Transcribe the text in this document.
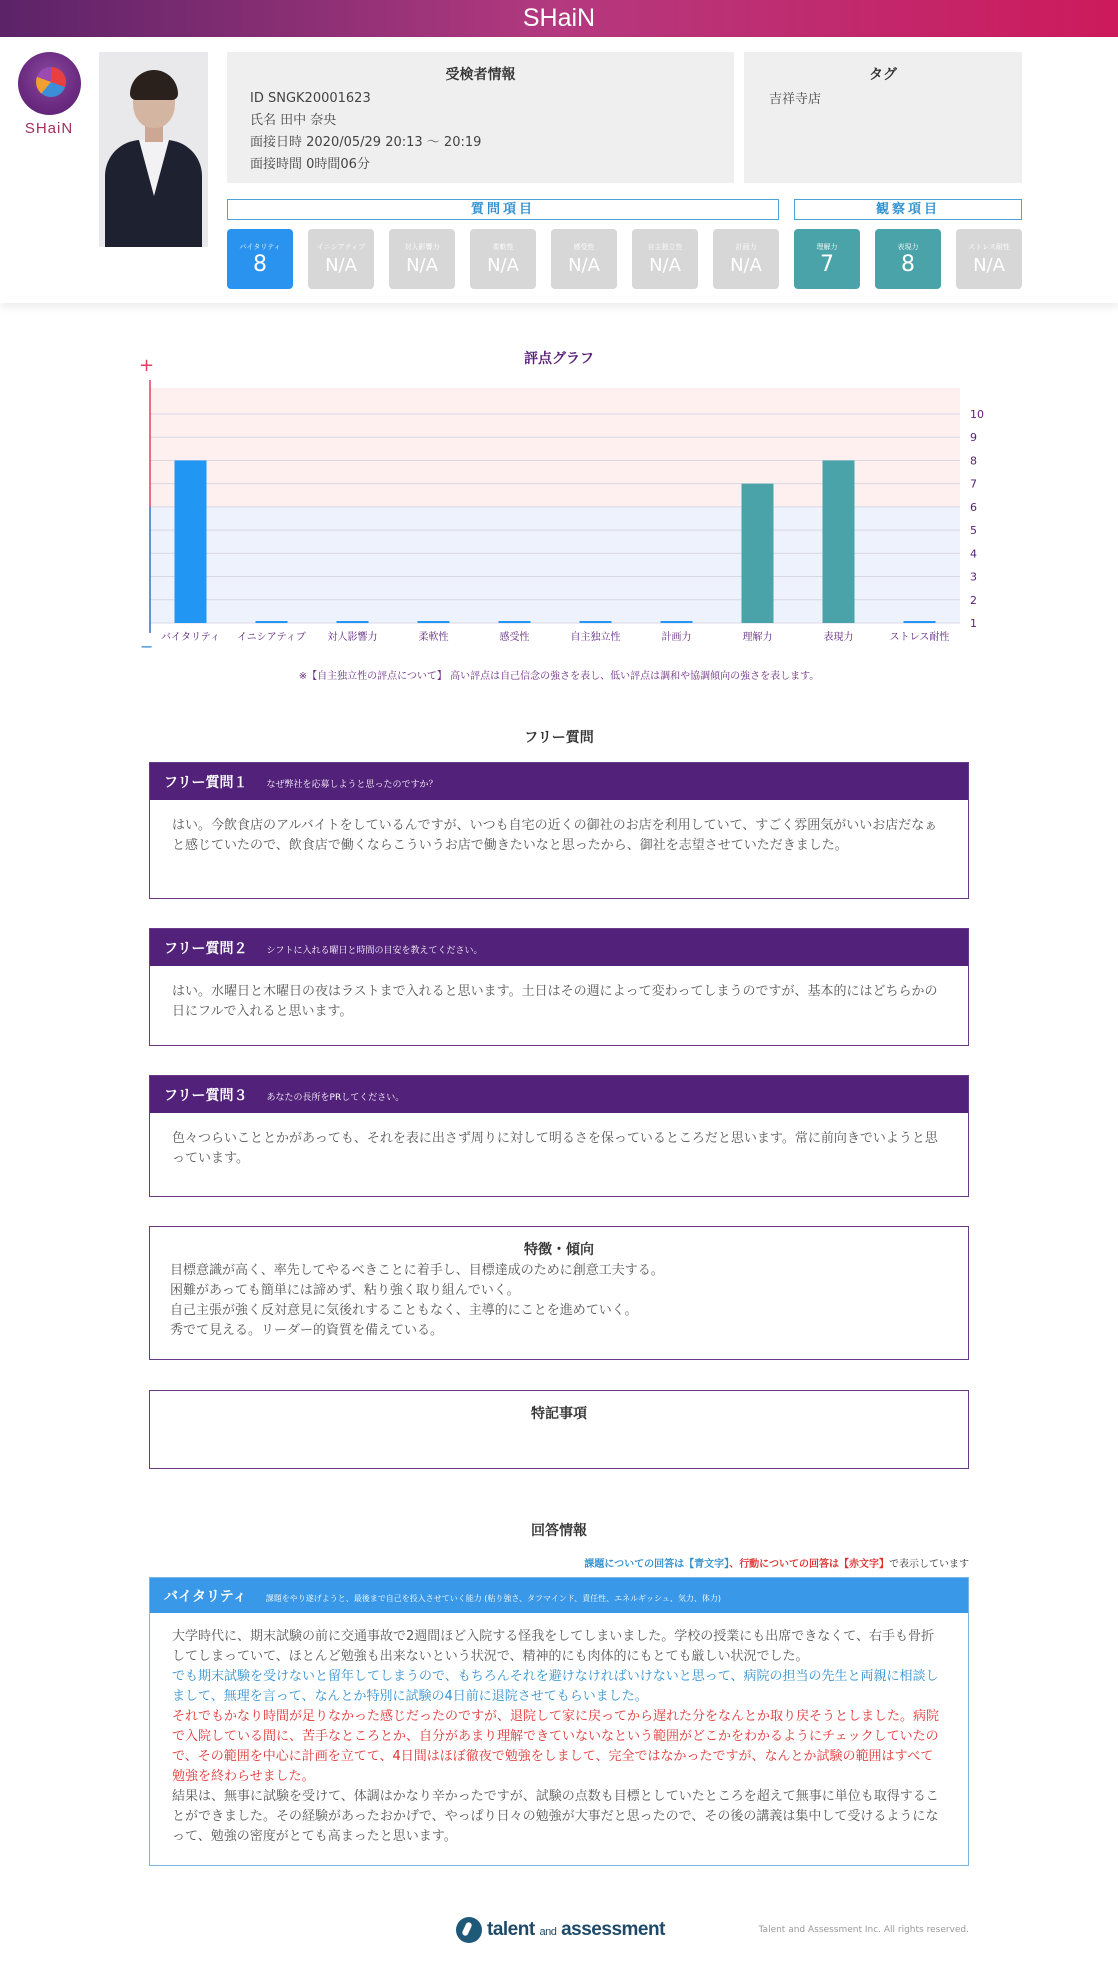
SHaiN
SHaiN
受検者情報
ID SNGK20001623
氏名 田中 奈央
面接日時 2020/05/29 20:13 〜 20:19
面接時間 0時間06分
タグ
吉祥寺店
質問項目	観察項目
バイタリティ
8
イニシアティブ
N/A
対人影響力
N/A
柔軟性
N/A
感受性
N/A
自主独立性
N/A
計画力
N/A
理解力
7
表現力
8
ストレス耐性
N/A
評点グラフ
1
2
3
4
5
6
7
8
9
10
+
− バイタリティ イニシアティブ 対人影響力	柔軟性	感受性	自主独立性	計画力	理解力	表現力	ストレス耐性
※【自主独立性の評点について】 高い評点は自己信念の強さを表し、低い評点は調和や協調傾向の強さを表します。
フリー質問
フリー質問１ なぜ弊社を応募しようと思ったのですか？
はい。今飲食店のアルバイトをしているんですが、いつも自宅の近くの御社のお店を利用していて、すごく雰囲気がいいお店だなぁと感じていたので、飲食店で働くならこういうお店で働きたいなと思ったから、御社を志望させていただきました。
フリー質問２ シフトに入れる曜日と時間の目安を教えてください。
はい。水曜日と木曜日の夜はラストまで入れると思います。土日はその週によって変わってしまうのですが、基本的にはどちらかの日にフルで入れると思います。
フリー質問３ あなたの長所をPRしてください。
色々つらいこととかがあっても、それを表に出さず周りに対して明るさを保っているところだと思います。常に前向きでいようと思っています。
特徴・傾向
目標意識が高く、率先してやるべきことに着手し、目標達成のために創意工夫する。
困難があっても簡単には諦めず、粘り強く取り組んでいく。
自己主張が強く反対意見に気後れすることもなく、主導的にことを進めていく。
秀でて見える。リーダー的資質を備えている。
特記事項
回答情報
課題についての回答は【青文字】、行動についての回答は【赤文字】で表示しています
バイタリティ 課題をやり遂げようと、最後まで自己を投入させていく能力 (粘り強さ、タフマインド、責任性、エネルギッシュ、気力、体力)

大学時代に、期末試験の前に交通事故で2週間ほど入院する怪我をしてしまいました。学校の授業にも出席できなくて、右手も骨折してしまっていて、ほとんど勉強も出来ないという状況で、精神的にも肉体的にもとても厳しい状況でした。

でも期末試験を受けないと留年してしまうので、もちろんそれを避けなければいけないと思って、病院の担当の先生と両親に相談しまして、無理を言って、なんとか特別に試験の4日前に退院させてもらいました。

それでもかなり時間が足りなかった感じだったのですが、退院して家に戻ってから遅れた分をなんとか取り戻そうとしました。病院で入院している間に、苦手なところとか、自分があまり理解できていないなという範囲がどこかをわかるようにチェックしていたので、その範囲を中心に計画を立てて、4日間はほぼ徹夜で勉強をしまして、完全ではなかったですが、なんとか試験の範囲はすべて勉強を終わらせました。

結果は、無事に試験を受けて、体調はかなり辛かったですが、試験の点数も目標としていたところを超えて無事に単位も取得することができました。その経験があったおかげで、やっぱり日々の勉強が大事だと思ったので、その後の講義は集中して受けるようになって、勉強の密度がとても高まったと思います。

talent and assessment	Talent and Assessment Inc. All rights reserved.
